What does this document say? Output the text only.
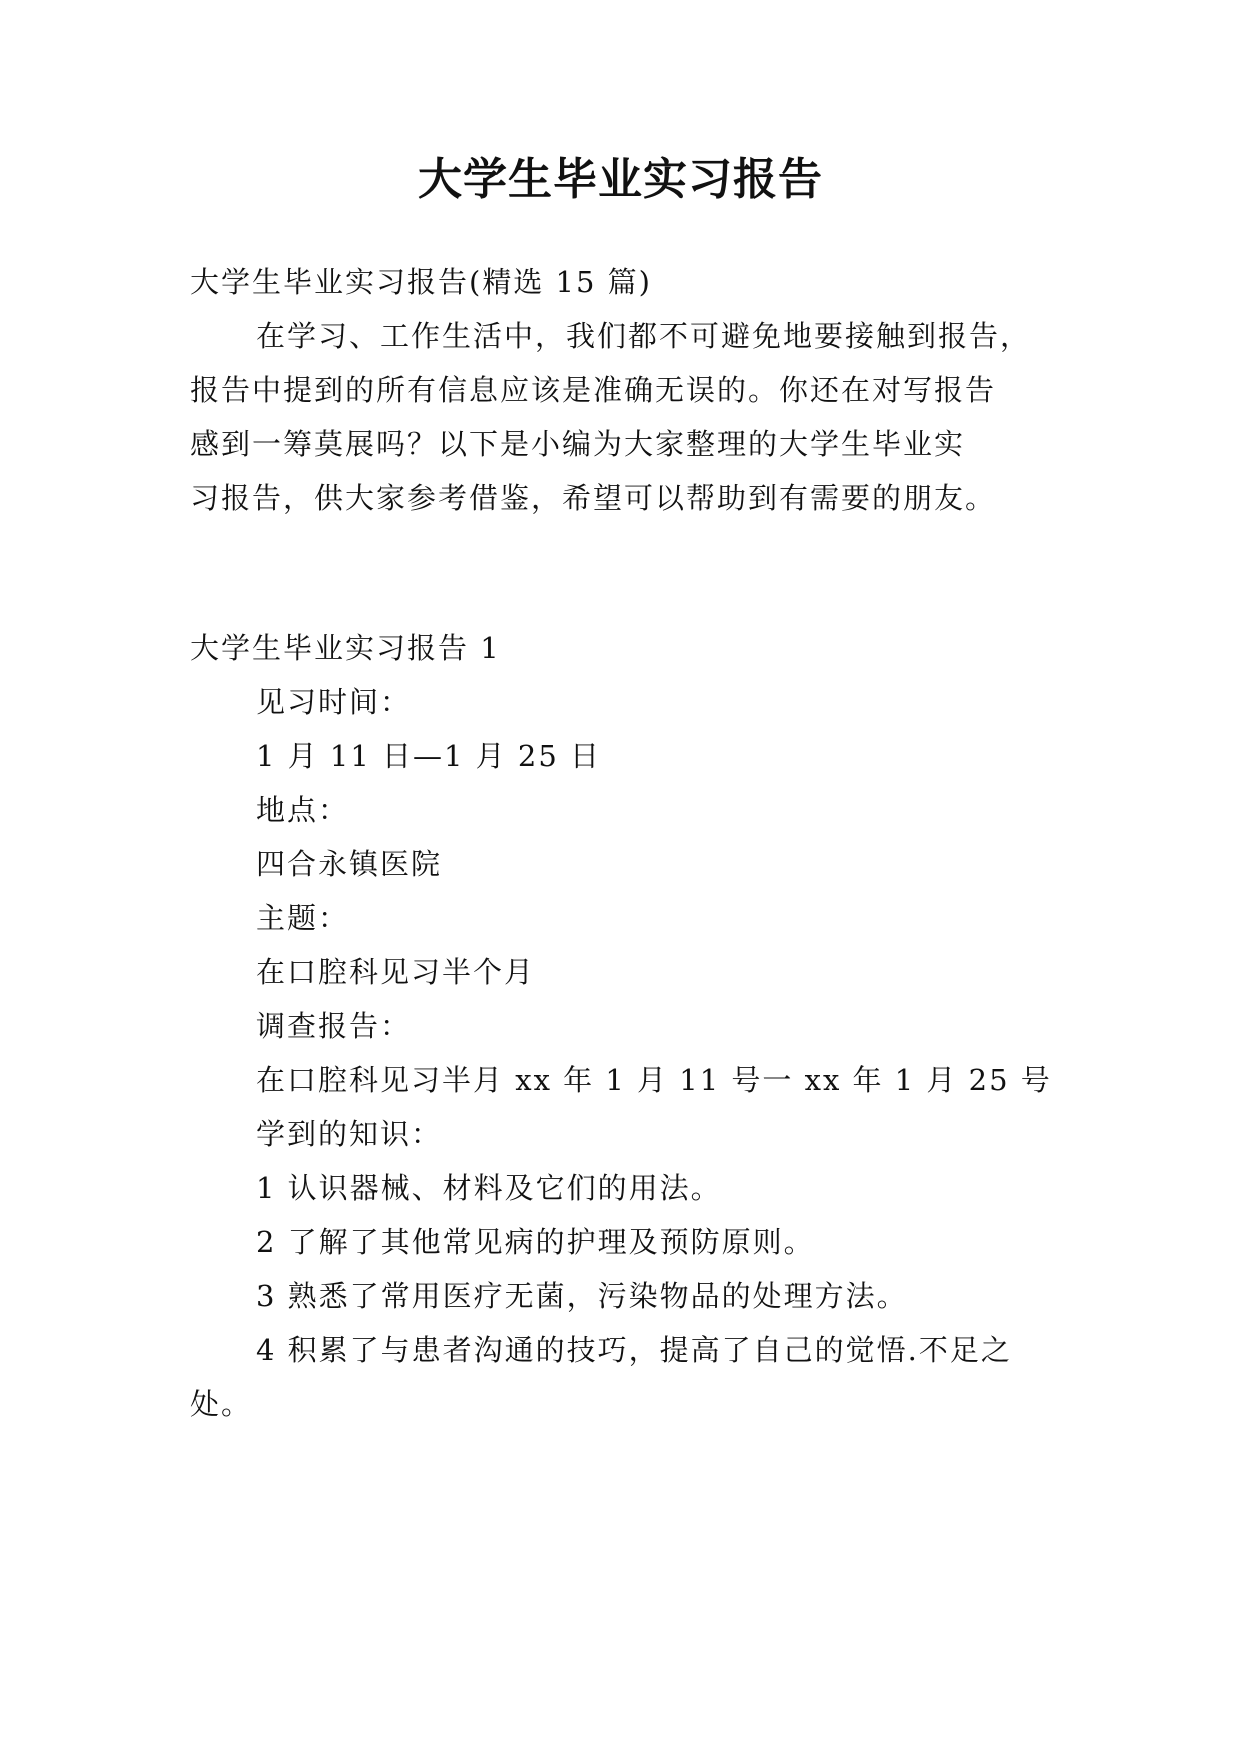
大学生毕业实习报告

大学生毕业实习报告(精选 15 篇)

在学习、工作生活中，我们都不可避免地要接触到报告，

报告中提到的所有信息应该是准确无误的。你还在对写报告

感到一筹莫展吗？以下是小编为大家整理的大学生毕业实

习报告，供大家参考借鉴，希望可以帮助到有需要的朋友。

大学生毕业实习报告 1

见习时间：

1 月 11 日—1 月 25 日

地点：

四合永镇医院

主题：

在口腔科见习半个月

调查报告：

在口腔科见习半月 xx 年 1 月 11 号一 xx 年 1 月 25 号

学到的知识：

1 认识器械、材料及它们的用法。

2 了解了其他常见病的护理及预防原则。

3 熟悉了常用医疗无菌，污染物品的处理方法。

4 积累了与患者沟通的技巧，提高了自己的觉悟.不足之

处。
